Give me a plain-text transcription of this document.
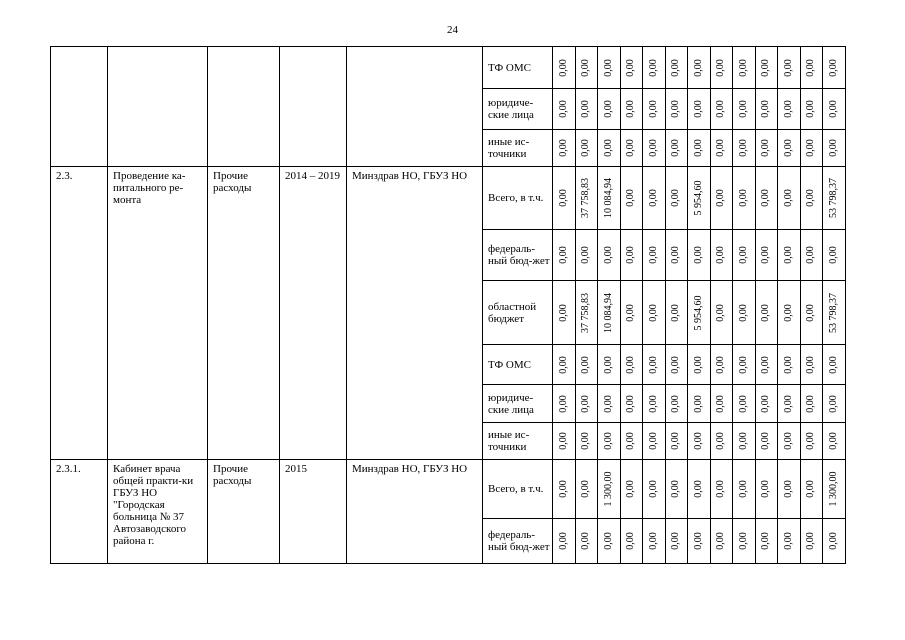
24
					ТФ ОМС	0,00	0,00	0,00	0,00	0,00	0,00	0,00	0,00	0,00	0,00	0,00	0,00	0,00

					юридиче-ские лица	0,00	0,00	0,00	0,00	0,00	0,00	0,00	0,00	0,00	0,00	0,00	0,00	0,00

					иные ис-точники	0,00	0,00	0,00	0,00	0,00	0,00	0,00	0,00	0,00	0,00	0,00	0,00	0,00

2.3.	Проведение ка-питального ре-монта	Прочие расходы	2014 – 2019	Минздрав НО, ГБУЗ НО	Всего, в т.ч.	0,00	37 758,83	10 084,94	0,00	0,00	0,00	5 954,60	0,00	0,00	0,00	0,00	0,00	53 798,37

					федераль-ный бюд-жет	0,00	0,00	0,00	0,00	0,00	0,00	0,00	0,00	0,00	0,00	0,00	0,00	0,00

					областной бюджет	0,00	37 758,83	10 084,94	0,00	0,00	0,00	5 954,60	0,00	0,00	0,00	0,00	0,00	53 798,37

					ТФ ОМС	0,00	0,00	0,00	0,00	0,00	0,00	0,00	0,00	0,00	0,00	0,00	0,00	0,00

					юридиче-ские лица	0,00	0,00	0,00	0,00	0,00	0,00	0,00	0,00	0,00	0,00	0,00	0,00	0,00

					иные ис-точники	0,00	0,00	0,00	0,00	0,00	0,00	0,00	0,00	0,00	0,00	0,00	0,00	0,00

2.3.1.	Кабинет врача общей практи-ки ГБУЗ НО "Городская больница № 37 Автозаводского района г.	Прочие расходы	2015	Минздрав НО, ГБУЗ НО	Всего, в т.ч.	0,00	0,00	1 300,00	0,00	0,00	0,00	0,00	0,00	0,00	0,00	0,00	0,00	1 300,00

					федераль-ный бюд-жет	0,00	0,00	0,00	0,00	0,00	0,00	0,00	0,00	0,00	0,00	0,00	0,00	0,00
